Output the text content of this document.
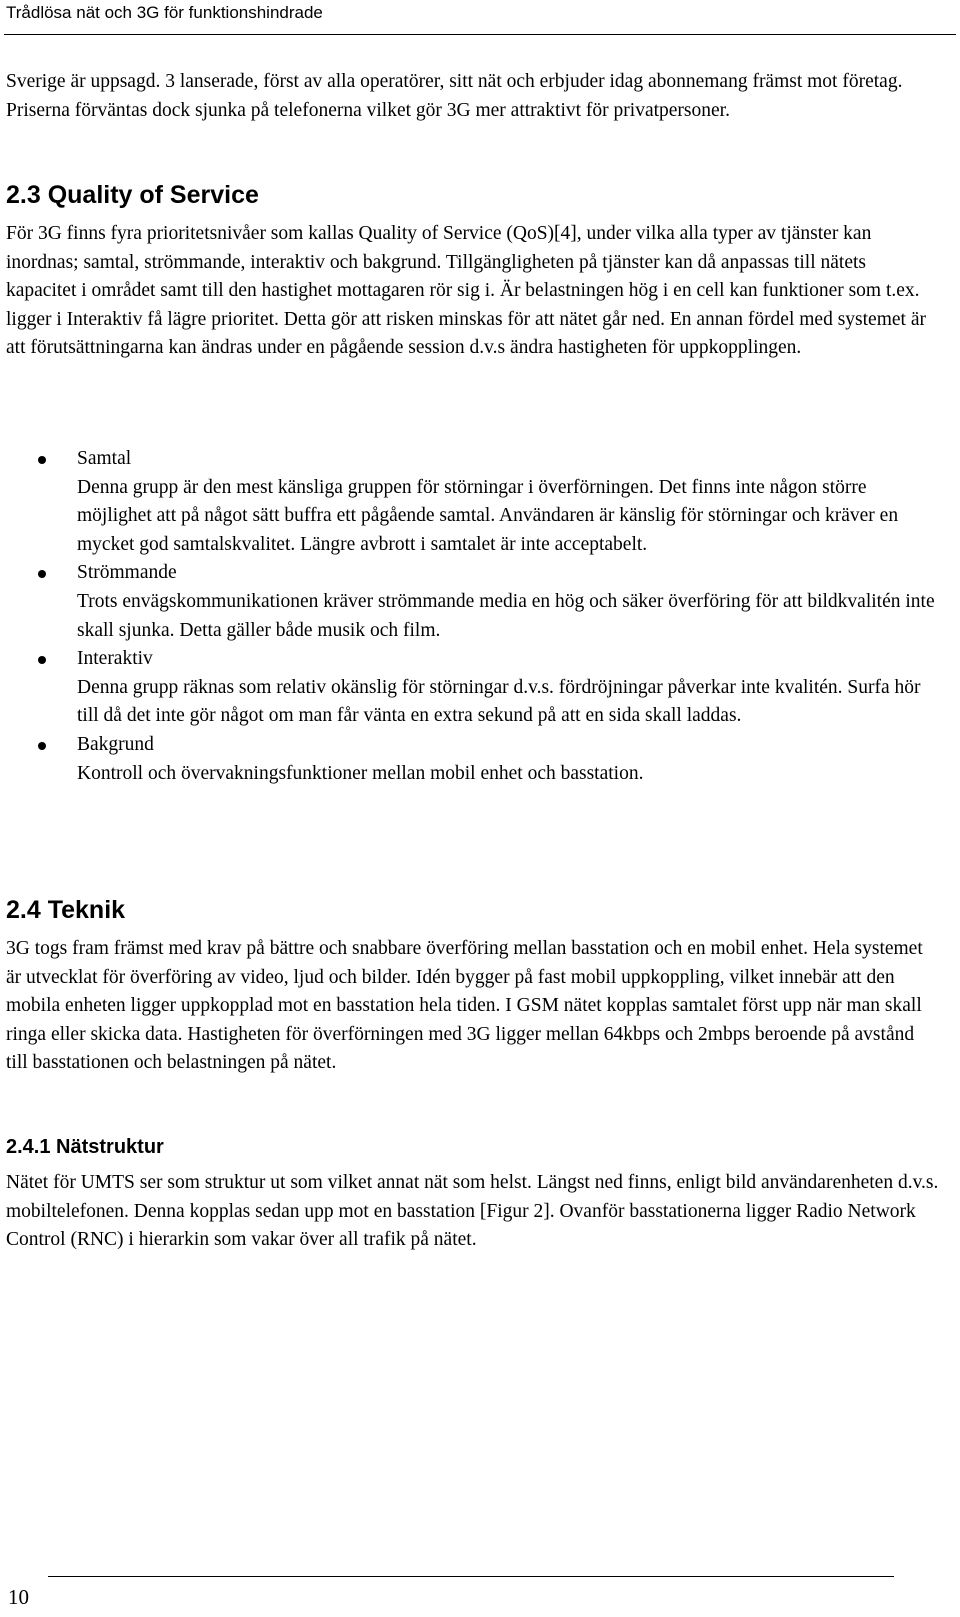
Trådlösa nät och 3G för funktionshindrade

Sverige är uppsagd. 3 lanserade, först av alla operatörer, sitt nät och erbjuder idag abonnemang främst mot företag. Priserna förväntas dock sjunka på telefonerna vilket gör 3G mer attraktivt för privatpersoner.

2.3 Quality of Service

För 3G finns fyra prioritetsnivåer som kallas Quality of Service (QoS)[4], under vilka alla typer av tjänster kan inordnas; samtal, strömmande, interaktiv och bakgrund. Tillgängligheten på tjänster kan då anpassas till nätets kapacitet i området samt till den hastighet mottagaren rör sig i. Är belastningen hög i en cell kan funktioner som t.ex. ligger i Interaktiv få lägre prioritet. Detta gör att risken minskas för att nätet går ned. En annan fördel med systemet är att förutsättningarna kan ändras under en pågående session d.v.s ändra hastigheten för uppkopplingen.

Samtal

Denna grupp är den mest känsliga gruppen för störningar i överförningen. Det finns inte någon större möjlighet att på något sätt buffra ett pågående samtal. Användaren är känslig för störningar och kräver en mycket god samtalskvalitet. Längre avbrott i samtalet är inte acceptabelt.

Strömmande

Trots envägskommunikationen kräver strömmande media en hög och säker överföring för att bildkvalitén inte skall sjunka. Detta gäller både musik och film.

Interaktiv

Denna grupp räknas som relativ okänslig för störningar d.v.s. fördröjningar påverkar inte kvalitén. Surfa hör till då det inte gör något om man får vänta en extra sekund på att en sida skall laddas.

Bakgrund

Kontroll och övervakningsfunktioner mellan mobil enhet och basstation.

2.4 Teknik

3G togs fram främst med krav på bättre och snabbare överföring mellan basstation och en mobil enhet. Hela systemet är utvecklat för överföring av video, ljud och bilder. Idén bygger på fast mobil uppkoppling, vilket innebär att den mobila enheten ligger uppkopplad mot en basstation hela tiden. I GSM nätet kopplas samtalet först upp när man skall ringa eller skicka data. Hastigheten för överförningen med 3G ligger mellan 64kbps och 2mbps beroende på avstånd till basstationen och belastningen på nätet.

2.4.1 Nätstruktur

Nätet för UMTS ser som struktur ut som vilket annat nät som helst. Längst ned finns, enligt bild användarenheten d.v.s. mobiltelefonen. Denna kopplas sedan upp mot en basstation [Figur 2]. Ovanför basstationerna ligger Radio Network Control (RNC) i hierarkin som vakar över all trafik på nätet.

10
